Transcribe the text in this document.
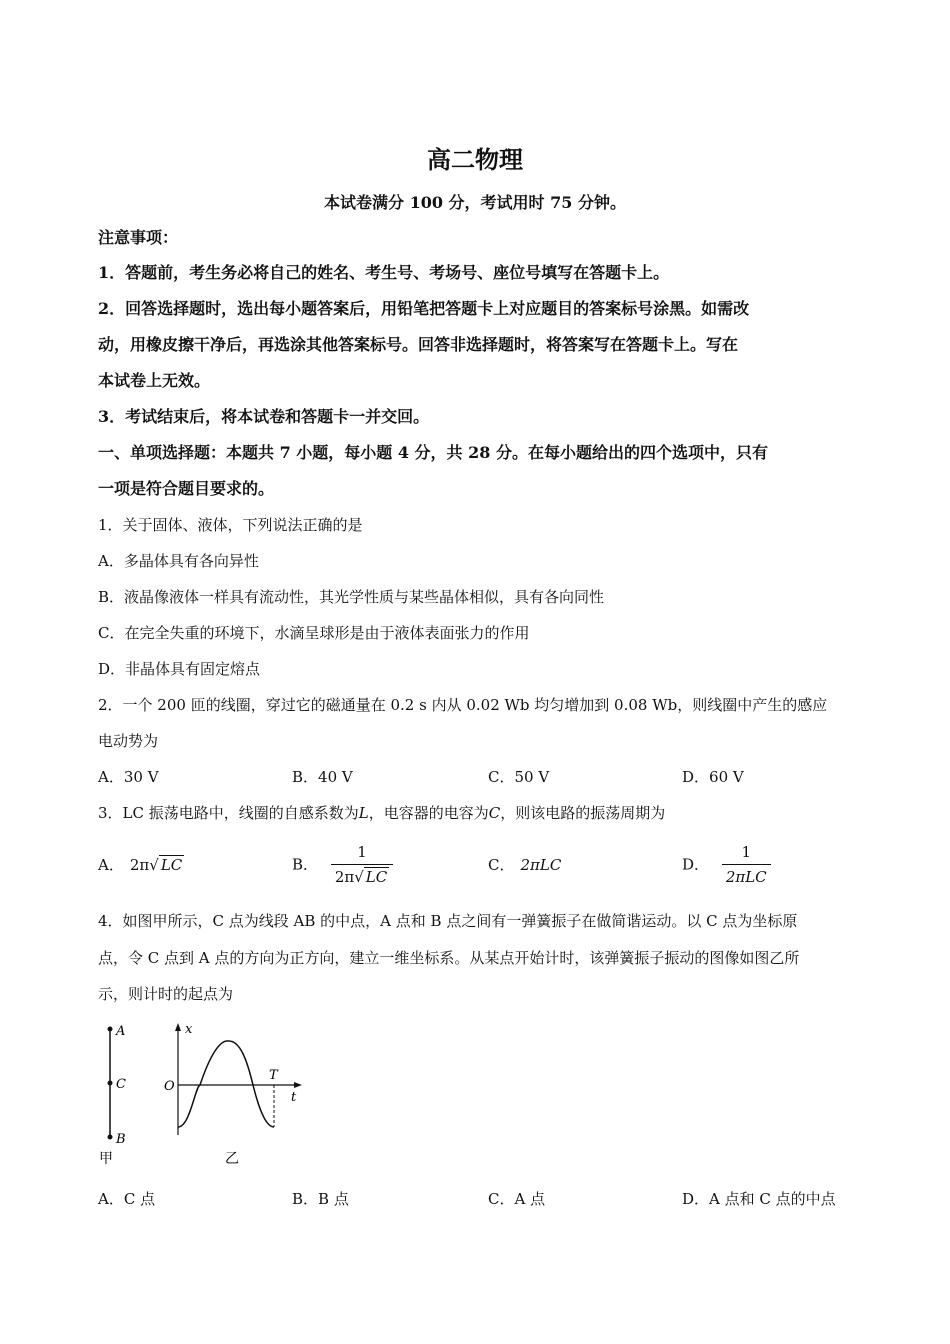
高二物理
本试卷满分 100 分，考试用时 75 分钟。
注意事项：
1．答题前，考生务必将自己的姓名、考生号、考场号、座位号填写在答题卡上。
2．回答选择题时，选出每小题答案后，用铅笔把答题卡上对应题目的答案标号涂黑。如需改
动，用橡皮擦干净后，再选涂其他答案标号。回答非选择题时，将答案写在答题卡上。写在
本试卷上无效。
3．考试结束后，将本试卷和答题卡一并交回。
一、单项选择题：本题共 7 小题，每小题 4 分，共 28 分。在每小题给出的四个选项中，只有
一项是符合题目要求的。
1．关于固体、液体，下列说法正确的是
A．多晶体具有各向异性
B．液晶像液体一样具有流动性，其光学性质与某些晶体相似，具有各向同性
C．在完全失重的环境下，水滴呈球形是由于液体表面张力的作用
D．非晶体具有固定熔点
2．一个 200 匝的线圈，穿过它的磁通量在 0.2 s 内从 0.02 Wb 均匀增加到 0.08 Wb，则线圈中产生的感应
电动势为
A．30 V	B．40 V	C．50 V	D．60 V
3．LC 振荡电路中，线圈的自感系数为L，电容器的电容为C，则该电路的振荡周期为
A． 2π√ LC	B． $\frac{1}{2\pi√ LC}$	C． 2πLC	D． $\frac{1}{\text{2πLC}}$
4．如图甲所示，C 点为线段 AB 的中点，A 点和 B 点之间有一弹簧振子在做简谐运动。以 C 点为坐标原
点，令 C 点到 A 点的方向为正方向，建立一维坐标系。从某点开始计时，该弹簧振子振动的图像如图乙所
示，则计时的起点为
A
C
B
甲
x
t
O
T
乙
A．C 点	B．B 点	C．A 点	D．A 点和 C 点的中点
